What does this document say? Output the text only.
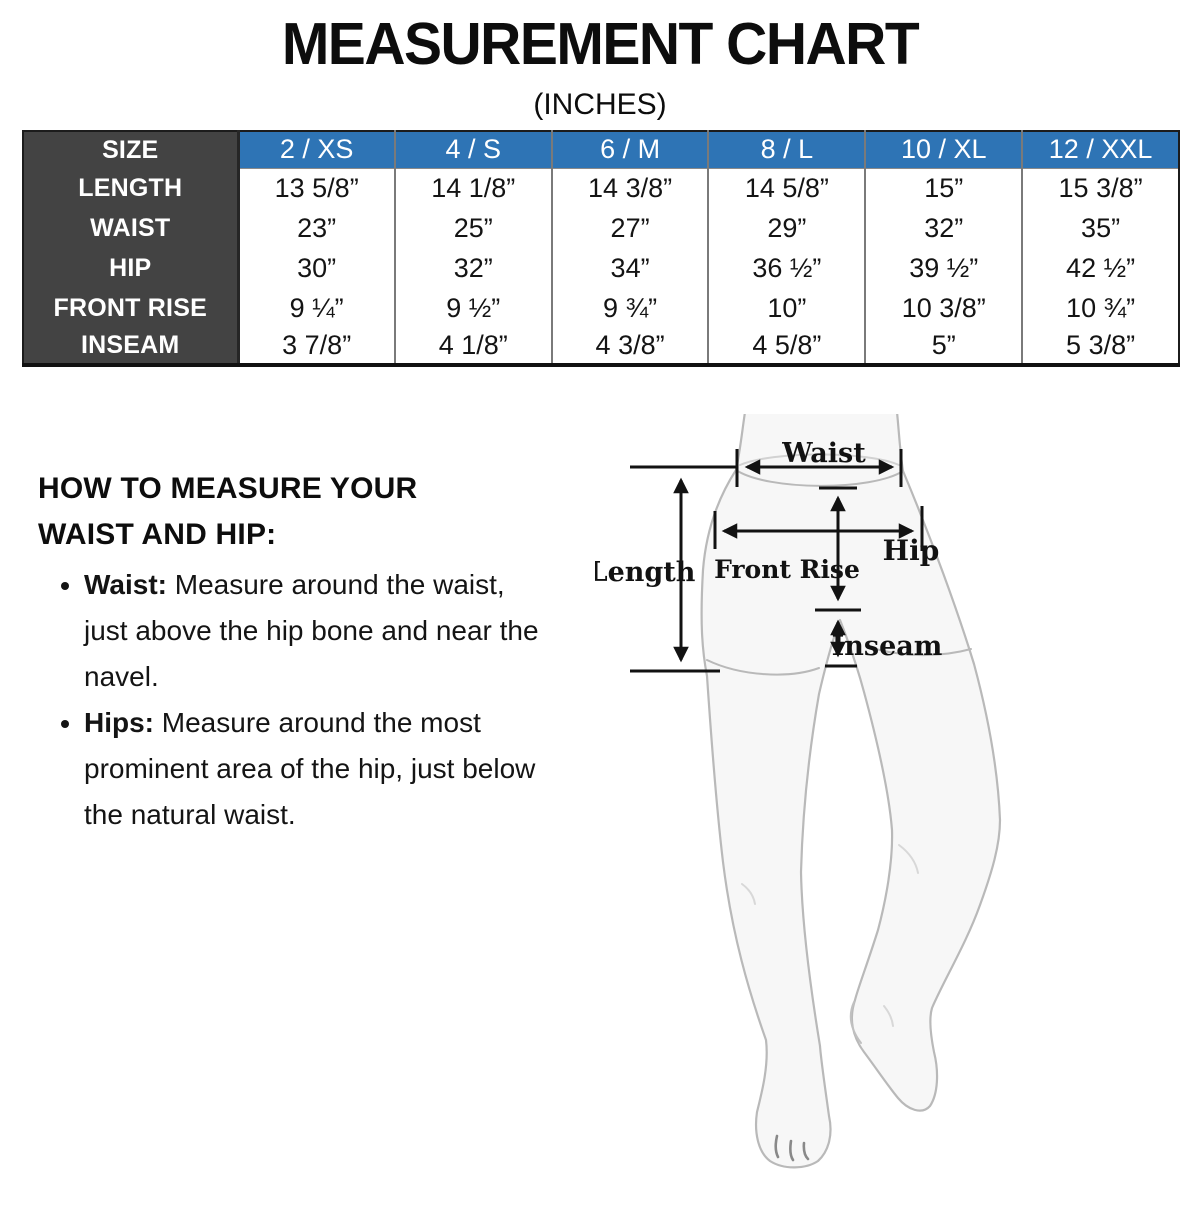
MEASUREMENT CHART
(INCHES)
SIZE	2 / XS	4 / S	6 / M	8 / L	10 / XL	12 / XXL
LENGTH	13 5/8”	14 1/8”	14 3/8”	14 5/8”	15”	15 3/8”
WAIST	23”	25”	27”	29”	32”	35”
HIP	30”	32”	34”	36 ½”	39 ½”	42 ½”
FRONT RISE	9 ¼”	9 ½”	9 ¾”	10”	10 3/8”	10 ¾”
INSEAM	3 7/8”	4 1/8”	4 3/8”	4 5/8”	5”	5 3/8”
HOW TO MEASURE YOUR
WAIST AND HIP:
• Waist: Measure around the waist, just above the hip bone and near the navel.
• Hips: Measure around the most prominent area of the hip, just below the natural waist.
Waist
Length
Hip
Front Rise
Inseam
